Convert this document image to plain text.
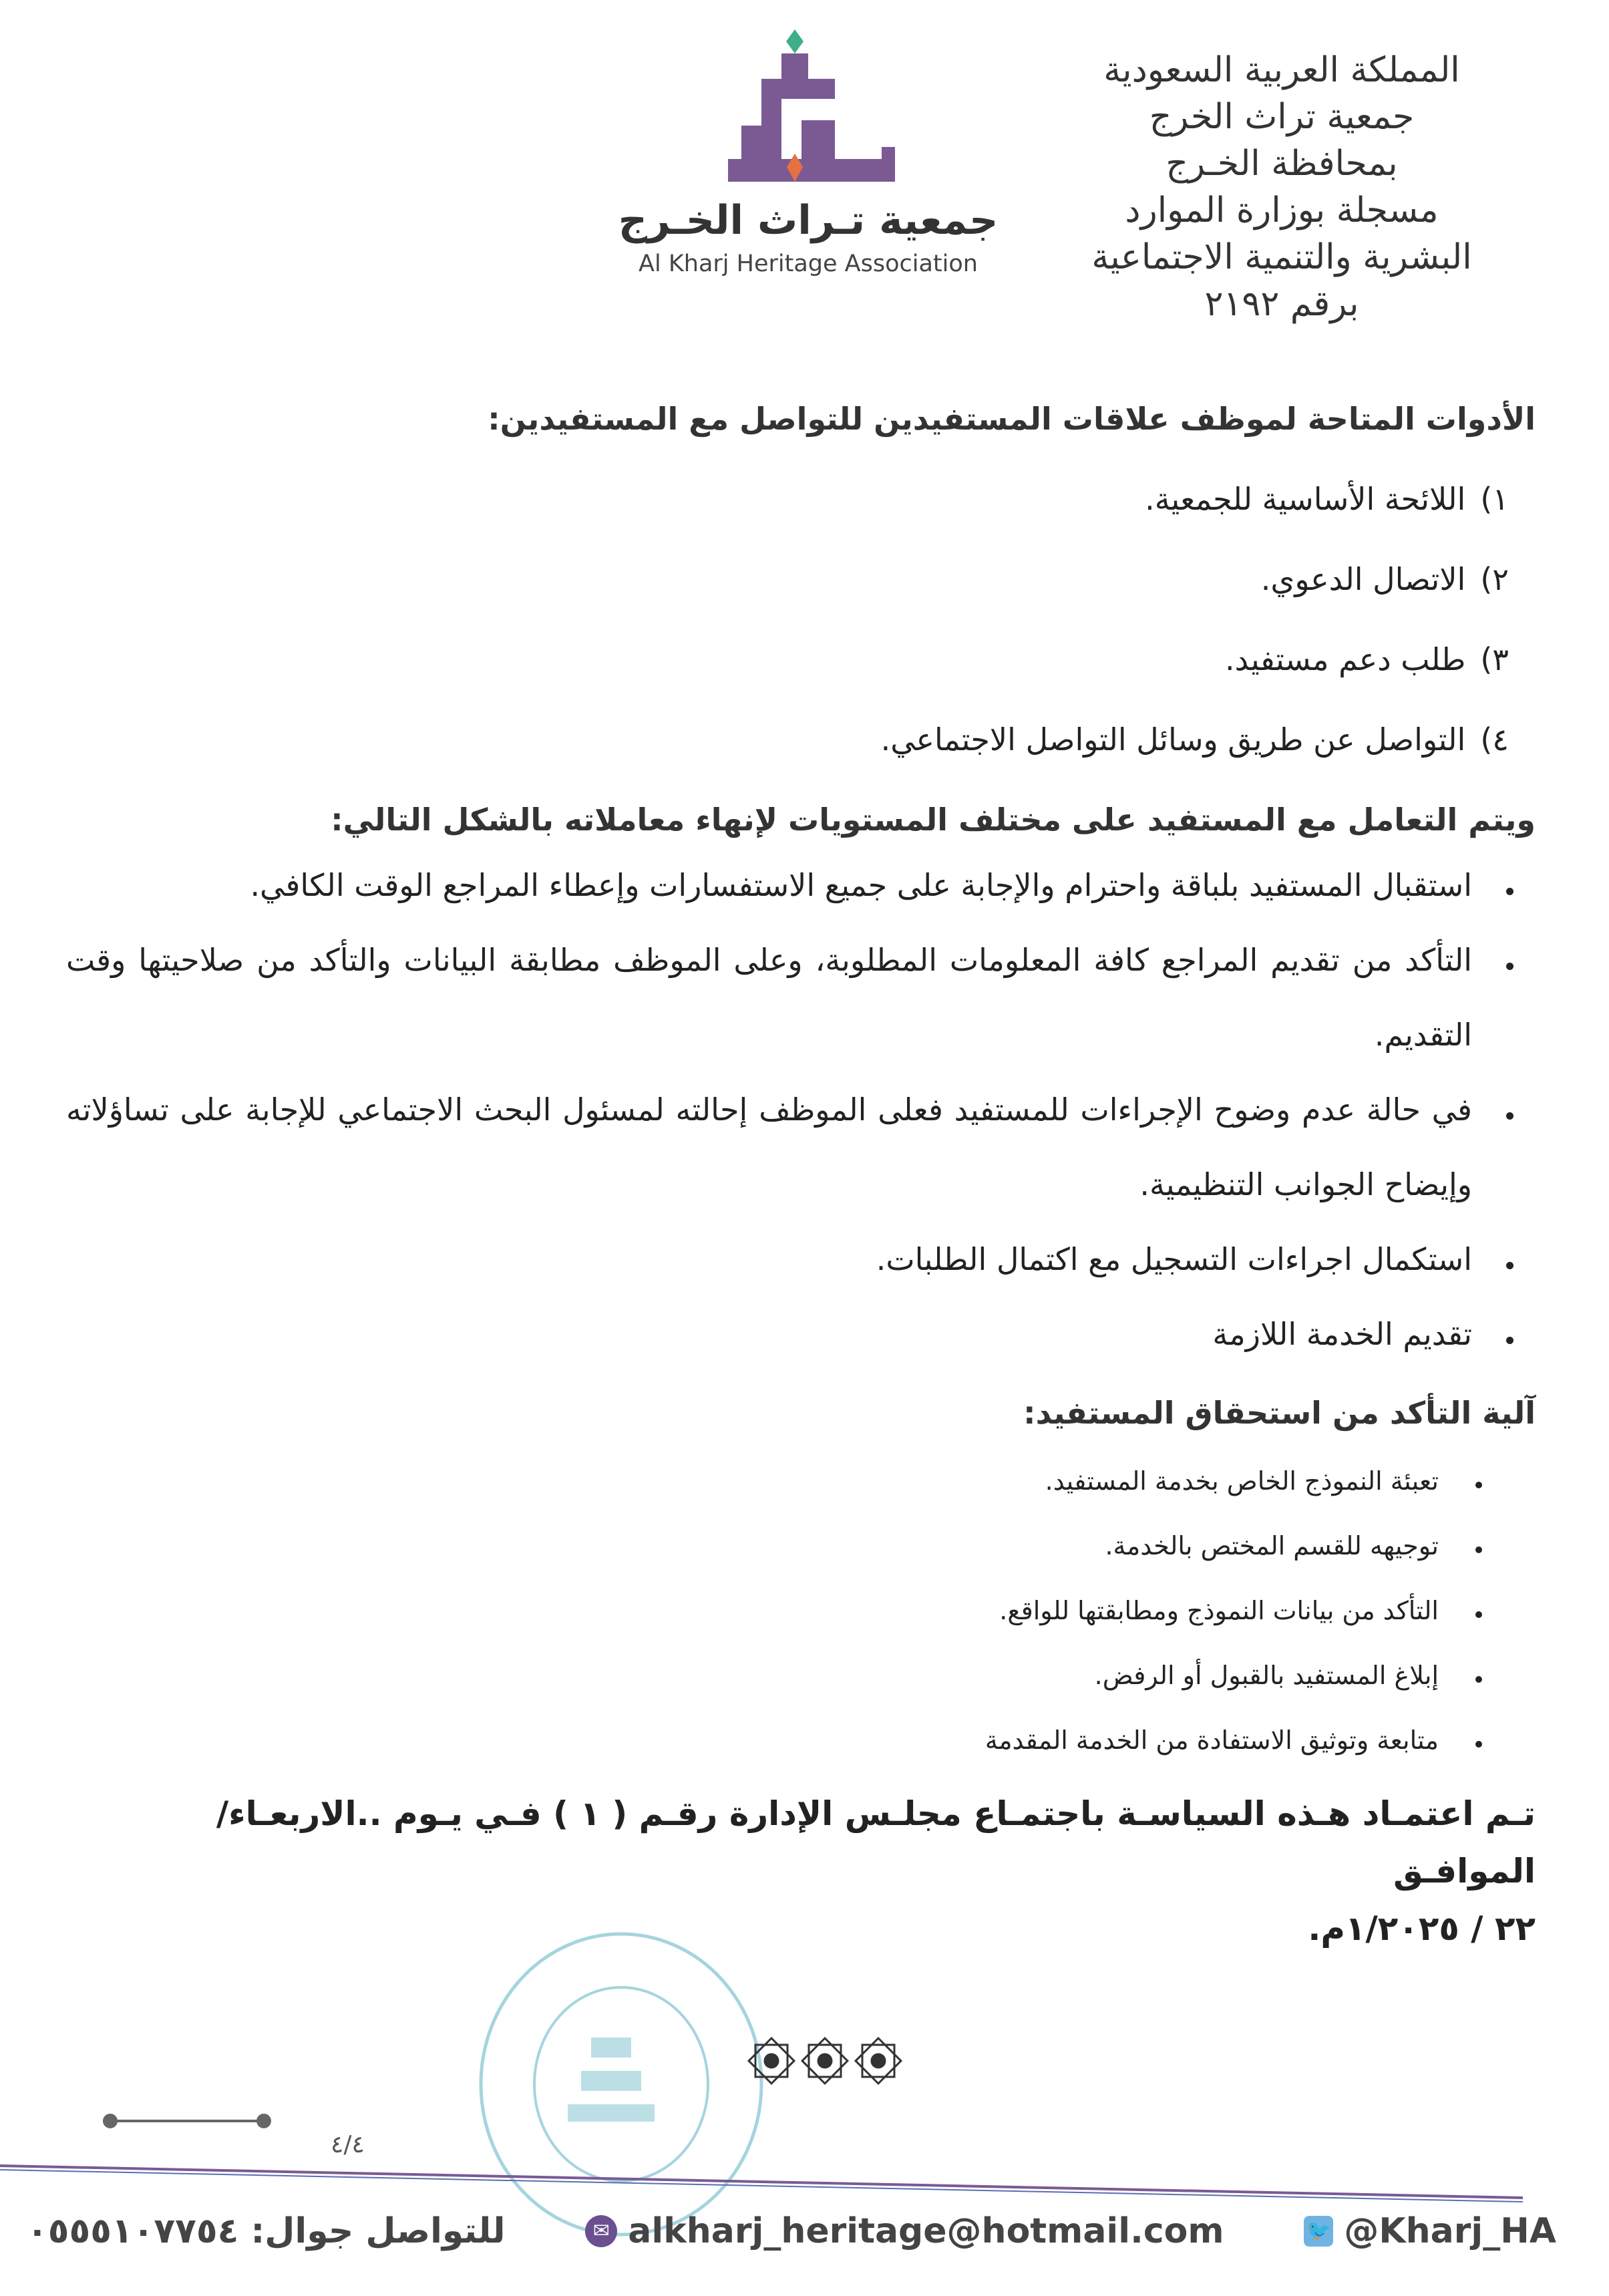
المملكة العربية السعودية
جمعية تراث الخرج
بمحافظة الخـرج
مسجلة بوزارة الموارد
البشرية والتنمية الاجتماعية
برقم ٢١٩٢
جمعية تـراث الخـرج
Al Kharj Heritage Association
الأدوات المتاحة لموظف علاقات المستفيدين للتواصل مع المستفيدين:
١)اللائحة الأساسية للجمعية.
٢)الاتصال الدعوي.
٣)طلب دعم مستفيد.
٤)التواصل عن طريق وسائل التواصل الاجتماعي.
ويتم التعامل مع المستفيد على مختلف المستويات لإنهاء معاملاته بالشكل التالي:
استقبال المستفيد بلباقة واحترام والإجابة على جميع الاستفسارات وإعطاء المراجع الوقت الكافي.
التأكد من تقديم المراجع كافة المعلومات المطلوبة، وعلى الموظف مطابقة البيانات والتأكد من صلاحيتها وقت التقديم.
في حالة عدم وضوح الإجراءات للمستفيد فعلى الموظف إحالته لمسئول البحث الاجتماعي للإجابة على تساؤلاته وإيضاح الجوانب التنظيمية.
استكمال اجراءات التسجيل مع اكتمال الطلبات.
تقديم الخدمة اللازمة
آلية التأكد من استحقاق المستفيد:
تعبئة النموذج الخاص بخدمة المستفيد.
توجيهه للقسم المختص بالخدمة.
التأكد من بيانات النموذج ومطابقتها للواقع.
إبلاغ المستفيد بالقبول أو الرفض.
متابعة وتوثيق الاستفادة من الخدمة المقدمة
تـم اعتمـاد هـذه السياسـة باجتمـاع مجلـس الإدارة رقـم ( ١ ) فـي يـوم ..الاربعـاء/ الموافـق
٢٢ / ١/٢٠٢٥م.
٤/٤
للتواصل جوال: ٠٥٥٥١٠٧٧٥٤	✉ alkharj_heritage@hotmail.com	🐦 @Kharj_HA
